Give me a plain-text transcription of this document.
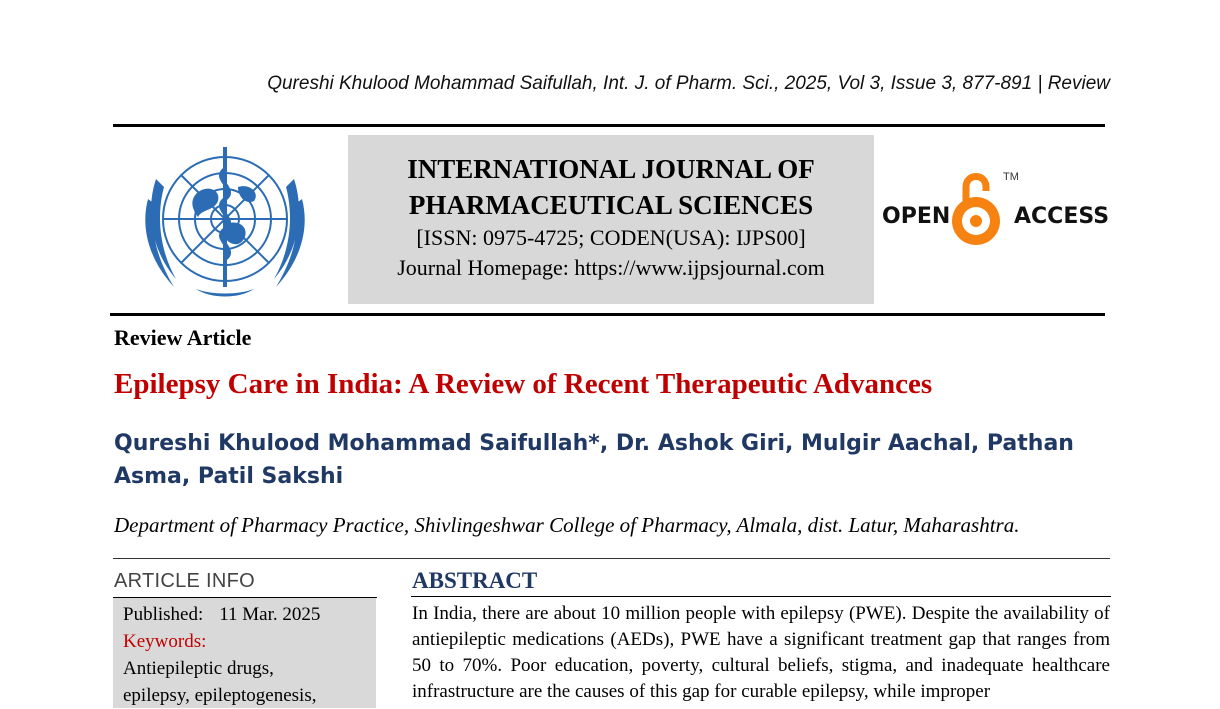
Qureshi Khulood Mohammad Saifullah, Int. J. of Pharm. Sci., 2025, Vol 3, Issue 3, 877-891 | Review
INTERNATIONAL JOURNAL OF
PHARMACEUTICAL SCIENCES
[ISSN: 0975-4725; CODEN(USA): IJPS00]
Journal Homepage: https://www.ijpsjournal.com
OPEN
TM
ACCESS
Review Article
Epilepsy Care in India: A Review of Recent Therapeutic Advances
Qureshi Khulood Mohammad Saifullah*, Dr. Ashok Giri, Mulgir Aachal, Pathan Asma, Patil Sakshi
Department of Pharmacy Practice, Shivlingeshwar College of Pharmacy, Almala, dist. Latur, Maharashtra.
ARTICLE INFO
Published: 11 Mar. 2025
Keywords:
Antiepileptic drugs,
epilepsy, epileptogenesis,
ABSTRACT
In India, there are about 10 million people with epilepsy (PWE). Despite the availability of antiepileptic medications (AEDs), PWE have a significant treatment gap that ranges from 50 to 70%. Poor education, poverty, cultural beliefs, stigma, and inadequate healthcare infrastructure are the causes of this gap for curable epilepsy, while improper
